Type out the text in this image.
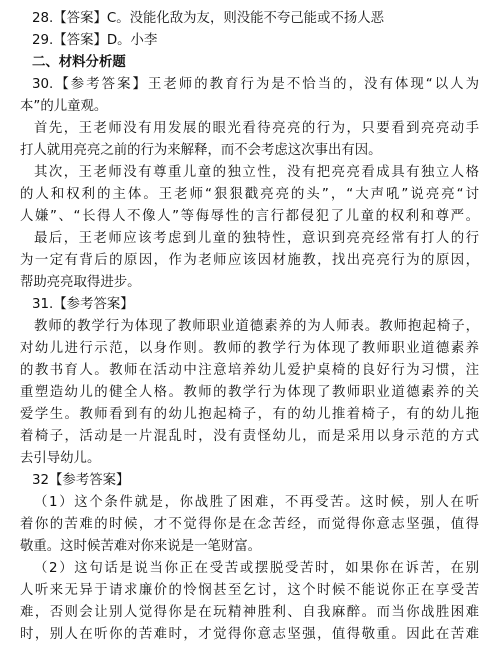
28.【答案】C。没能化敌为友，则没能不夸己能或不扬人恶
29.【答案】D。小李
二、材料分析题
30.【参考答案】王老师的教育行为是不恰当的，没有体现“以人为
本”的儿童观。
首先，王老师没有用发展的眼光看待亮亮的行为，只要看到亮亮动手
打人就用亮亮之前的行为来解释，而不会考虑这次事出有因。
其次，王老师没有尊重儿童的独立性，没有把亮亮看成具有独立人格
的人和权利的主体。王老师“狠狠戳亮亮的头”，“大声吼”说亮亮“讨
人嫌”、“长得人不像人”等侮辱性的言行都侵犯了儿童的权利和尊严。
最后，王老师应该考虑到儿童的独特性，意识到亮亮经常有打人的行
为一定有背后的原因，作为老师应该因材施教，找出亮亮行为的原因，
帮助亮亮取得进步。
31.【参考答案】
教师的教学行为体现了教师职业道德素养的为人师表。教师抱起椅子，
对幼儿进行示范，以身作则。教师的教学行为体现了教师职业道德素养
的教书育人。教师在活动中注意培养幼儿爱护桌椅的良好行为习惯，注
重塑造幼儿的健全人格。教师的教学行为体现了教师职业道德素养的关
爱学生。教师看到有的幼儿抱起椅子，有的幼儿推着椅子，有的幼儿拖
着椅子，活动是一片混乱时，没有责怪幼儿，而是采用以身示范的方式
去引导幼儿。
32【参考答案】
（1）这个条件就是，你战胜了困难，不再受苦。这时候，别人在听
着你的苦难的时候，才不觉得你是在念苦经，而觉得你意志坚强，值得
敬重。这时候苦难对你来说是一笔财富。
（2）这句话是说当你正在受苦或摆脱受苦时，如果你在诉苦，在别
人听来无异于请求廉价的怜悯甚至乞讨，这个时候不能说你正在享受苦
难，否则会让别人觉得你是在玩精神胜利、自我麻醉。而当你战胜困难
时，别人在听你的苦难时，才觉得你意志坚强，值得敬重。因此在苦难
